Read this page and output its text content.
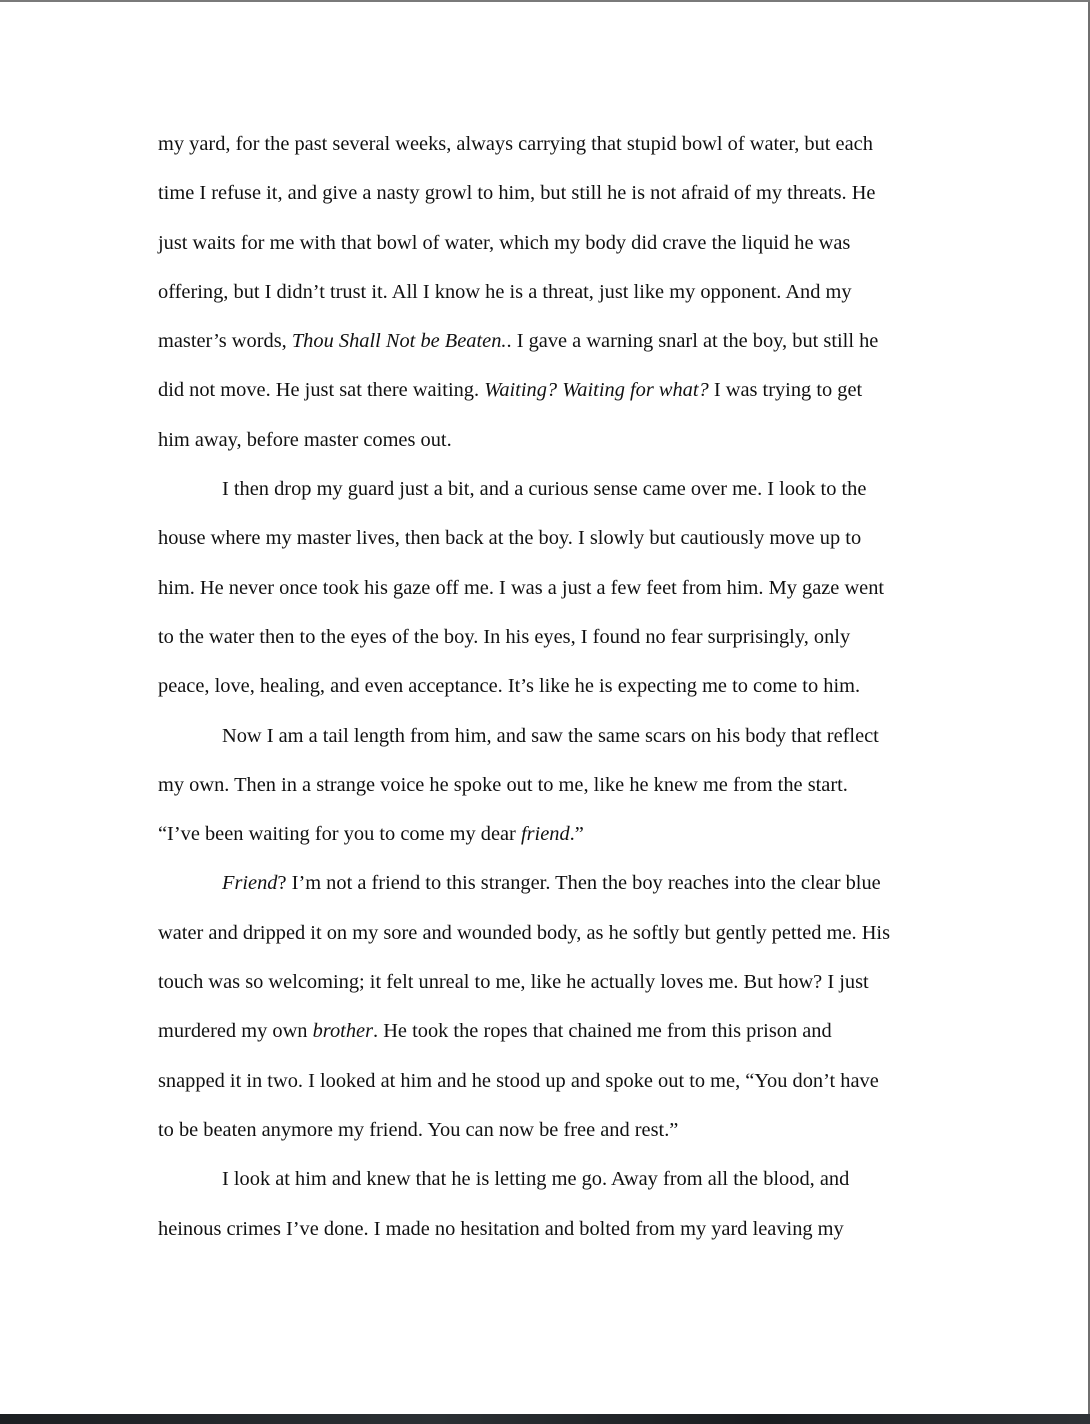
my yard, for the past several weeks, always carrying that stupid bowl of water, but each
time I refuse it, and give a nasty growl to him, but still he is not afraid of my threats. He
just waits for me with that bowl of water, which my body did crave the liquid he was
offering, but I didn’t trust it. All I know he is a threat, just like my opponent. And my
master’s words, Thou Shall Not be Beaten.. I gave a warning snarl at the boy, but still he
did not move. He just sat there waiting. Waiting? Waiting for what? I was trying to get
him away, before master comes out.
I then drop my guard just a bit, and a curious sense came over me. I look to the
house where my master lives, then back at the boy. I slowly but cautiously move up to
him. He never once took his gaze off me. I was a just a few feet from him. My gaze went
to the water then to the eyes of the boy. In his eyes, I found no fear surprisingly, only
peace, love, healing, and even acceptance. It’s like he is expecting me to come to him.
Now I am a tail length from him, and saw the same scars on his body that reflect
my own. Then in a strange voice he spoke out to me, like he knew me from the start.
“I’ve been waiting for you to come my dear friend.”
Friend? I’m not a friend to this stranger. Then the boy reaches into the clear blue
water and dripped it on my sore and wounded body, as he softly but gently petted me. His
touch was so welcoming; it felt unreal to me, like he actually loves me. But how? I just
murdered my own brother. He took the ropes that chained me from this prison and
snapped it in two. I looked at him and he stood up and spoke out to me, “You don’t have
to be beaten anymore my friend. You can now be free and rest.”
I look at him and knew that he is letting me go. Away from all the blood, and
heinous crimes I’ve done. I made no hesitation and bolted from my yard leaving my
